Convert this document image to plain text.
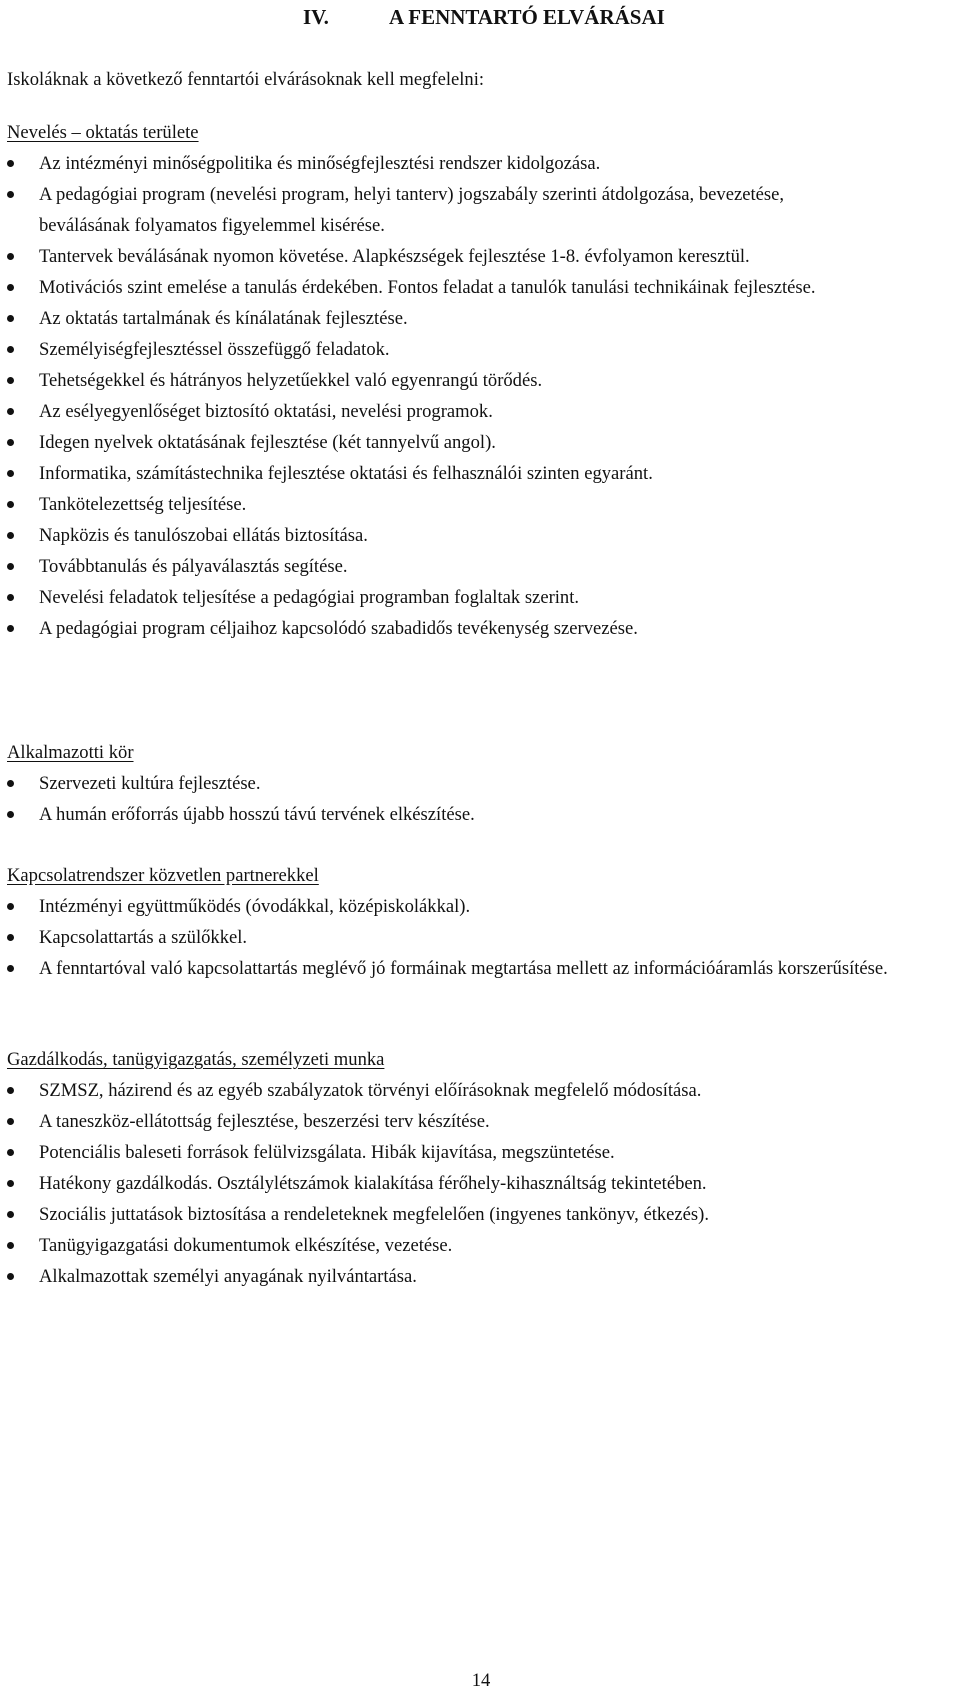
IV.	A FENNTARTÓ ELVÁRÁSAI
Iskoláknak a következő fenntartói elvárásoknak kell megfelelni:
Nevelés – oktatás területe
Az intézményi minőségpolitika és minőségfejlesztési rendszer kidolgozása.
A pedagógiai program (nevelési program, helyi tanterv) jogszabály szerinti átdolgozása, bevezetése, beválásának folyamatos figyelemmel kisérése.
Tantervek beválásának nyomon követése. Alapkészségek fejlesztése 1-8. évfolyamon keresztül.
Motivációs szint emelése a tanulás érdekében. Fontos feladat a tanulók tanulási technikáinak fejlesztése.
Az oktatás tartalmának és kínálatának fejlesztése.
Személyiségfejlesztéssel összefüggő feladatok.
Tehetségekkel és hátrányos helyzetűekkel való egyenrangú törődés.
Az esélyegyenlőséget biztosító oktatási, nevelési programok.
Idegen nyelvek oktatásának fejlesztése (két tannyelvű angol).
Informatika, számítástechnika fejlesztése oktatási és felhasználói szinten egyaránt.
Tankötelezettség teljesítése.
Napközis és tanulószobai ellátás biztosítása.
Továbbtanulás és pályaválasztás segítése.
Nevelési feladatok teljesítése a pedagógiai programban foglaltak szerint.
A pedagógiai program céljaihoz kapcsolódó szabadidős tevékenység szervezése.
Alkalmazotti kör
Szervezeti kultúra fejlesztése.
A humán erőforrás újabb hosszú távú tervének elkészítése.
Kapcsolatrendszer közvetlen partnerekkel
Intézményi együttműködés (óvodákkal, középiskolákkal).
Kapcsolattartás a szülőkkel.
A fenntartóval való kapcsolattartás meglévő jó formáinak megtartása mellett az információáramlás korszerűsítése.
Gazdálkodás, tanügyigazgatás, személyzeti munka
SZMSZ, házirend és az egyéb szabályzatok törvényi előírásoknak megfelelő módosítása.
A taneszköz-ellátottság fejlesztése, beszerzési terv készítése.
Potenciális baleseti források felülvizsgálata. Hibák kijavítása, megszüntetése.
Hatékony gazdálkodás. Osztálylétszámok kialakítása férőhely-kihasználtság tekintetében.
Szociális juttatások biztosítása a rendeleteknek megfelelően (ingyenes tankönyv, étkezés).
Tanügyigazgatási dokumentumok elkészítése, vezetése.
Alkalmazottak személyi anyagának nyilvántartása.
14
